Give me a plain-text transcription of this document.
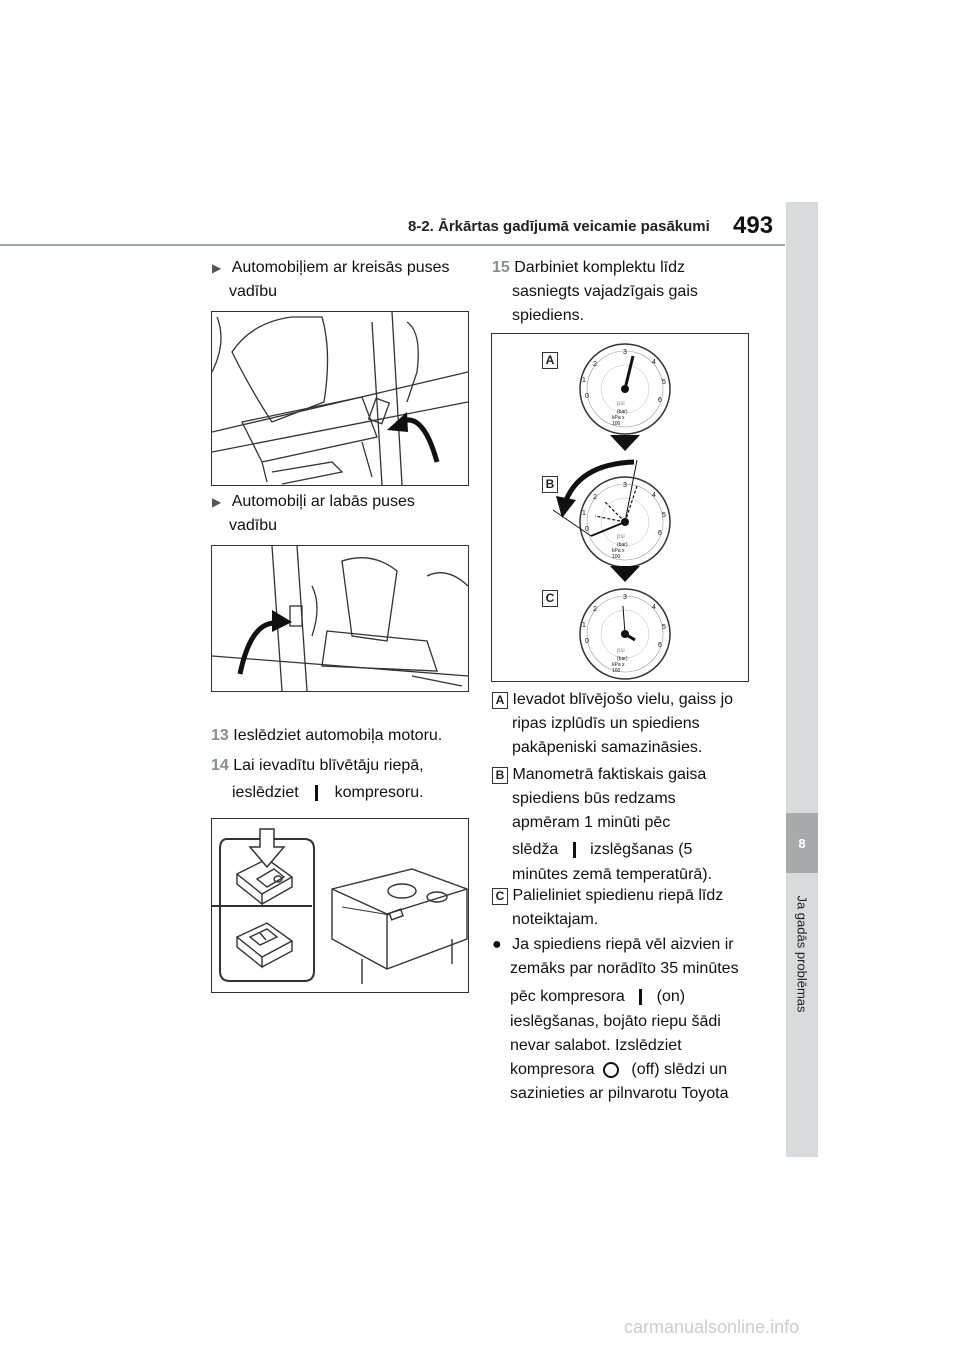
8-2. Ārkārtas gadījumā veicamie pasākumi 493
8
Ja gadās problēmas
▶ Automobiļiem ar kreisās puses
vadību
▶ Automobiļi ar labās puses
vadību
13 Ieslēdziet automobiļa motoru.
14 Lai ievadītu blīvētāju riepā,
ieslēdziet kompresoru.
15 Darbiniet komplektu līdz
sasniegts vajadzīgais gais
spiediens.
A
B
C
0
1
2
3
4
5
6
psi
(bar)
kPa x 100
0
1
2
3
4
5
6
psi
(bar)
kPa x 100
0
1
2
3
4
5
6
psi
(bar)
kPa x 100
A Ievadot blīvējošo vielu, gaiss jo
ripas izplūdīs un spiediens
pakāpeniski samazināsies.
B Manometrā faktiskais gaisa
spiediens būs redzams
apmēram 1 minūti pēc
slēdža izslēgšanas (5
minūtes zemā temperatūrā).
C Palieliniet spiedienu riepā līdz
noteiktajam.
● Ja spiediens riepā vēl aizvien ir
zemāks par norādīto 35 minūtes
pēc kompresora (on)
ieslēgšanas, bojāto riepu šādi
nevar salabot. Izslēdziet
kompresora (off) slēdzi un
sazinieties ar pilnvarotu Toyota
carmanualsonline.info
